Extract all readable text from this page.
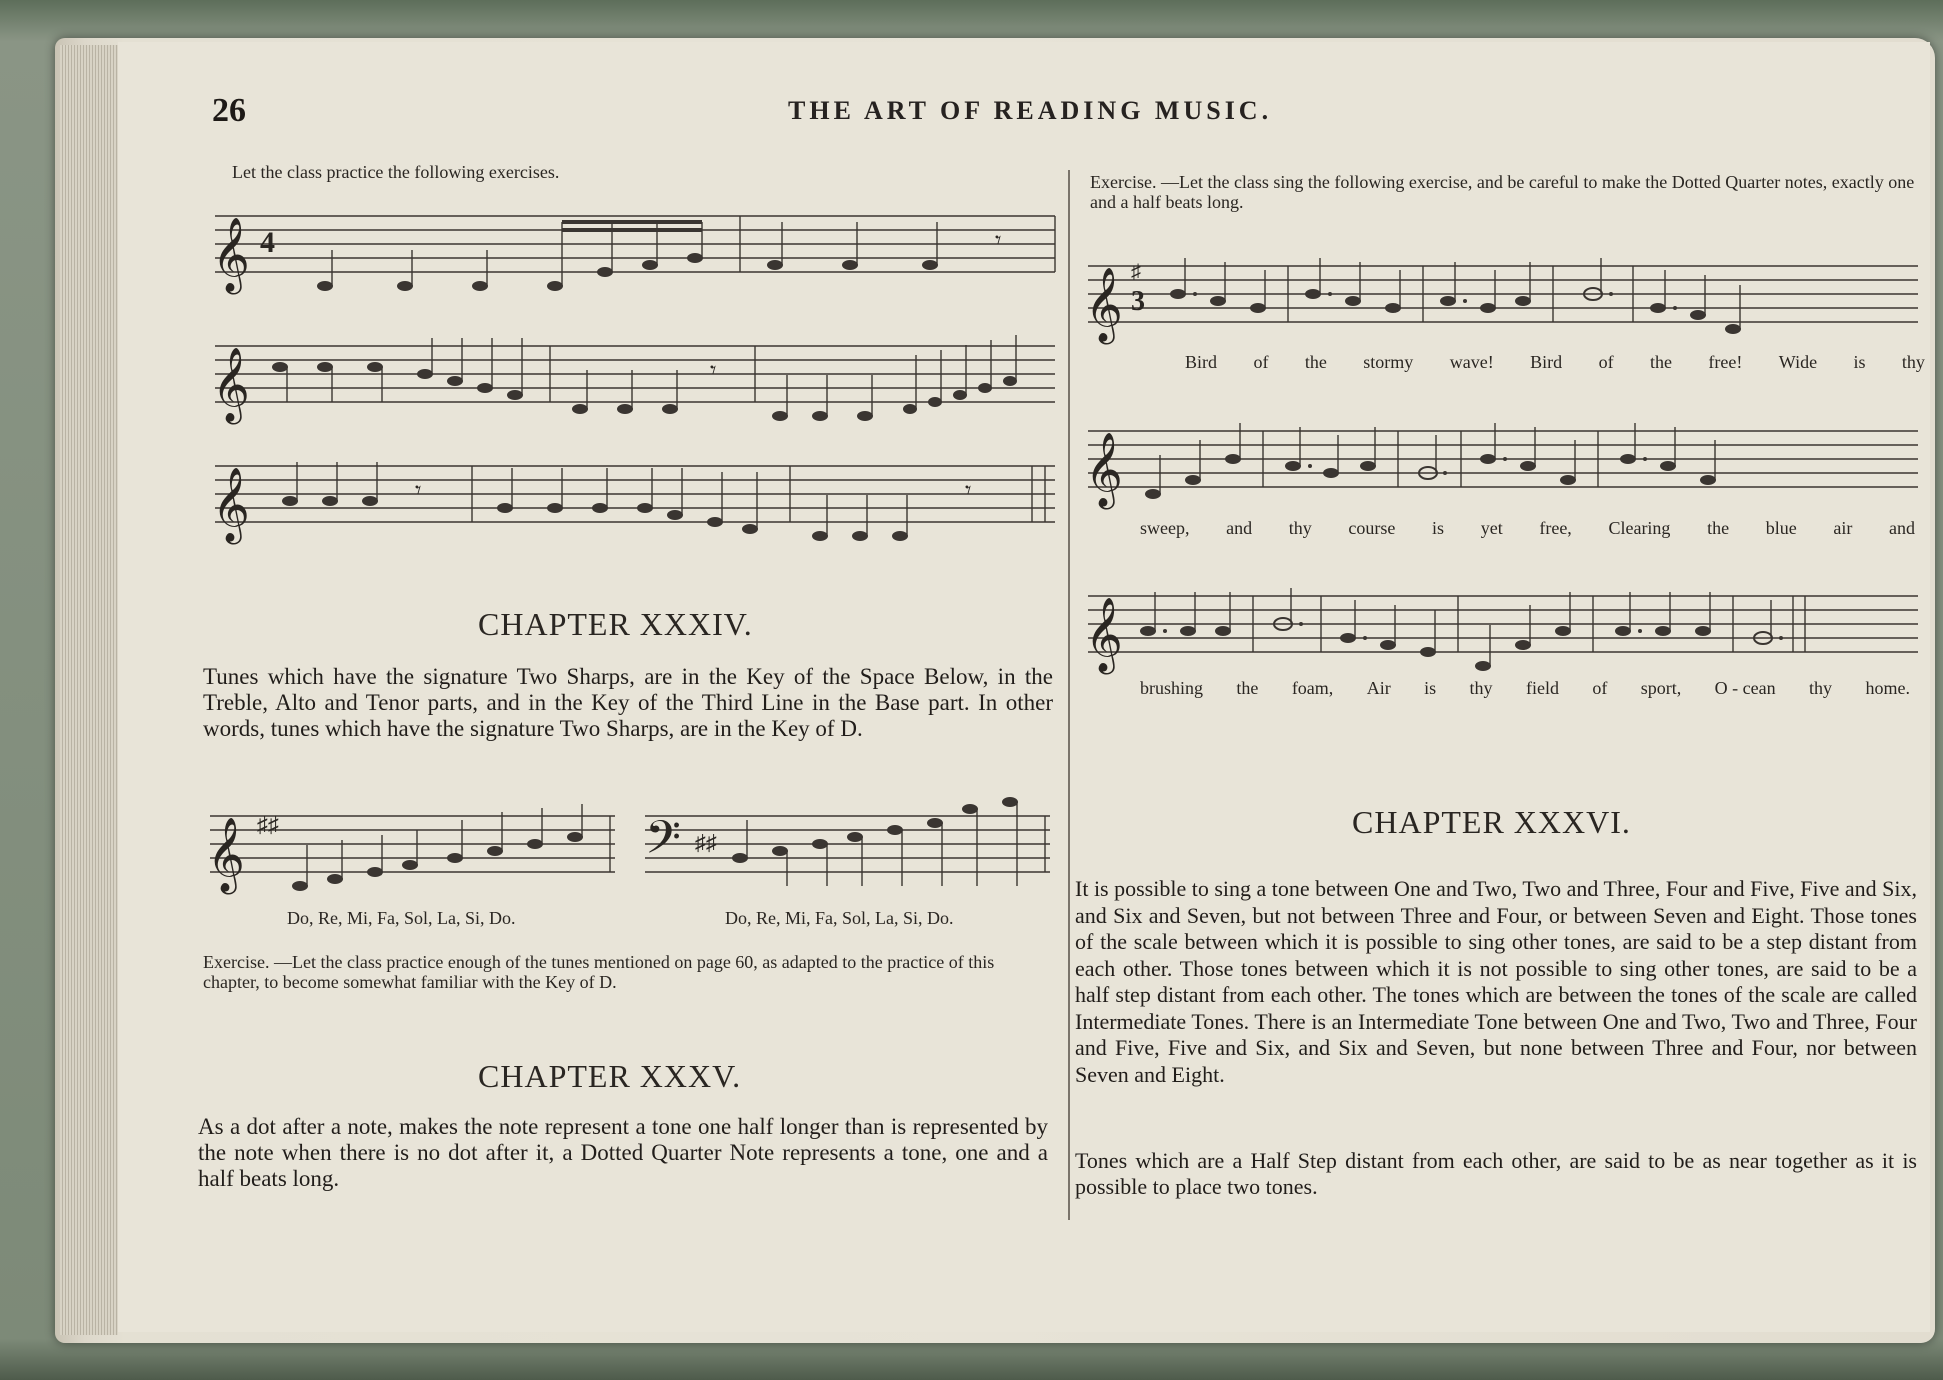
26	THE ART OF READING MUSIC.
Let the class practice the following exercises.
𝄞 4	𝄾
𝄞	𝄾
𝄞	𝄾	𝄾
CHAPTER XXXIV.
Tunes which have the signature Two Sharps, are in the Key of the Space Below, in the Treble, Alto and Tenor parts, and in the Key of the Third Line in the Base part. In other words, tunes which have the signature Two Sharps, are in the Key of D.
𝄞 ♯♯	𝄢 ♯♯
Do, Re, Mi, Fa, Sol, La, Si, Do.	Do, Re, Mi, Fa, Sol, La, Si, Do.
Exercise. —Let the class practice enough of the tunes mentioned on page 60, as adapted to the practice of this chapter, to become somewhat familiar with the Key of D.
CHAPTER XXXV.
As a dot after a note, makes the note represent a tone one half longer than is represented by the note when there is no dot after it, a Dotted Quarter Note represents a tone, one and a half beats long.
Exercise. —Let the class sing the following exercise, and be careful to make the Dotted Quarter notes, exactly one and a half beats long.
𝄞 ♯
3
Bird of the stormy wave! Bird of the free! Wide is thy
𝄞
sweep, and thy course is yet free, Clearing the blue air and
𝄞
brushing the foam, Air is thy field of sport, O - cean thy home.
CHAPTER XXXVI.
It is possible to sing a tone between One and Two, Two and Three, Four and Five, Five and Six, and Six and Seven, but not between Three and Four, or between Seven and Eight. Those tones of the scale between which it is possible to sing other tones, are said to be a step distant from each other. Those tones between which it is not possible to sing other tones, are said to be a half step distant from each other. The tones which are between the tones of the scale are called Intermediate Tones. There is an Intermediate Tone between One and Two, Two and Three, Four and Five, Five and Six, and Six and Seven, but none between Three and Four, nor between Seven and Eight.
Tones which are a Half Step distant from each other, are said to be as near together as it is possible to place two tones.
